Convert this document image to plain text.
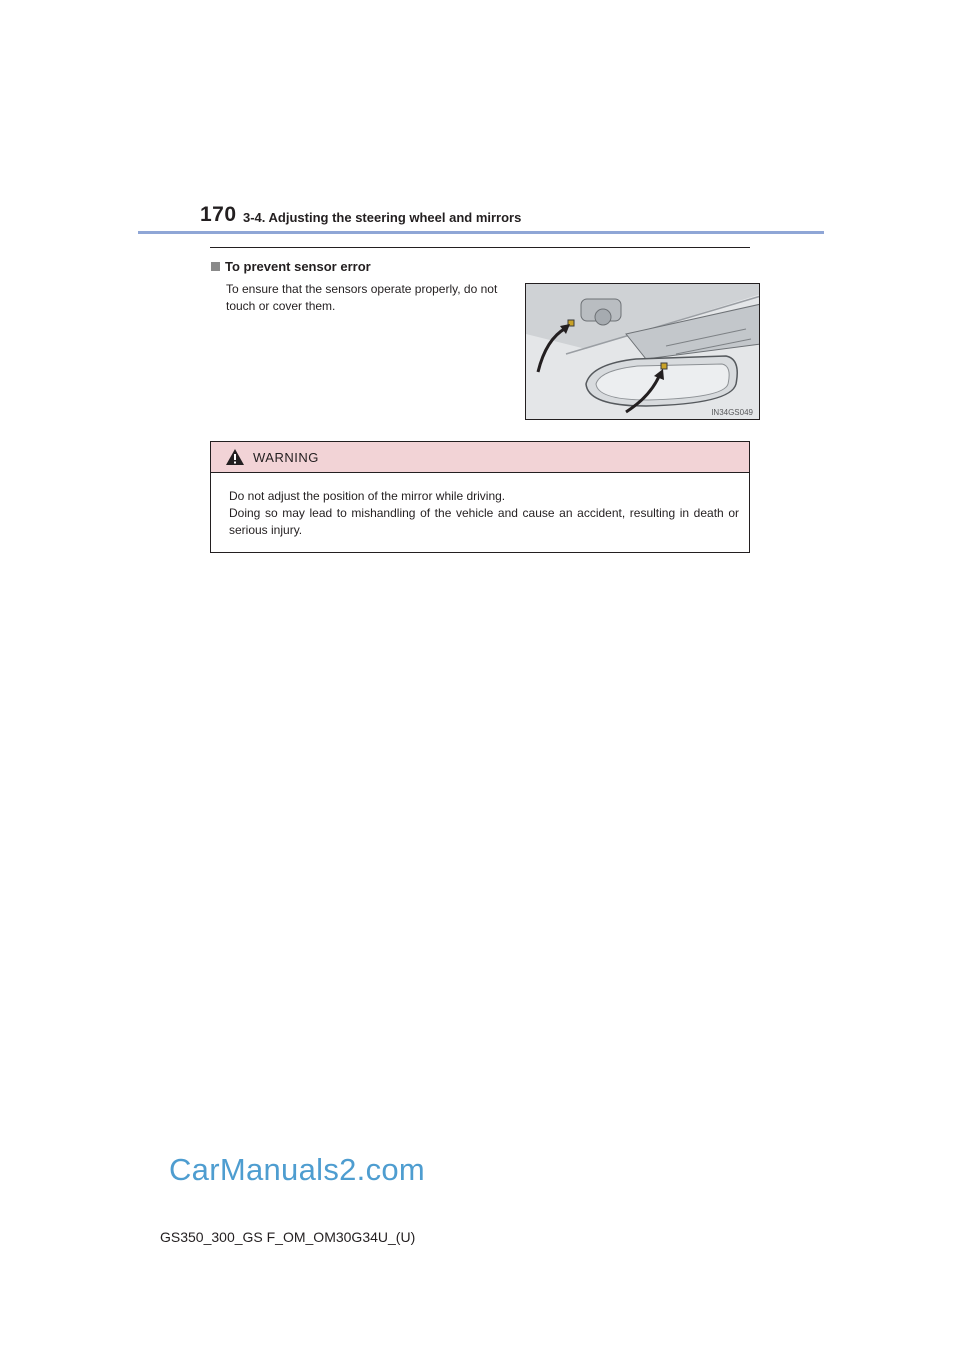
170 3-4. Adjusting the steering wheel and mirrors
To prevent sensor error
To ensure that the sensors operate properly, do not touch or cover them.
IN34GS049
WARNING

Do not adjust the position of the mirror while driving.

Doing so may lead to mishandling of the vehicle and cause an accident, resulting in death or serious injury.

CarManuals2.com
GS350_300_GS F_OM_OM30G34U_(U)
